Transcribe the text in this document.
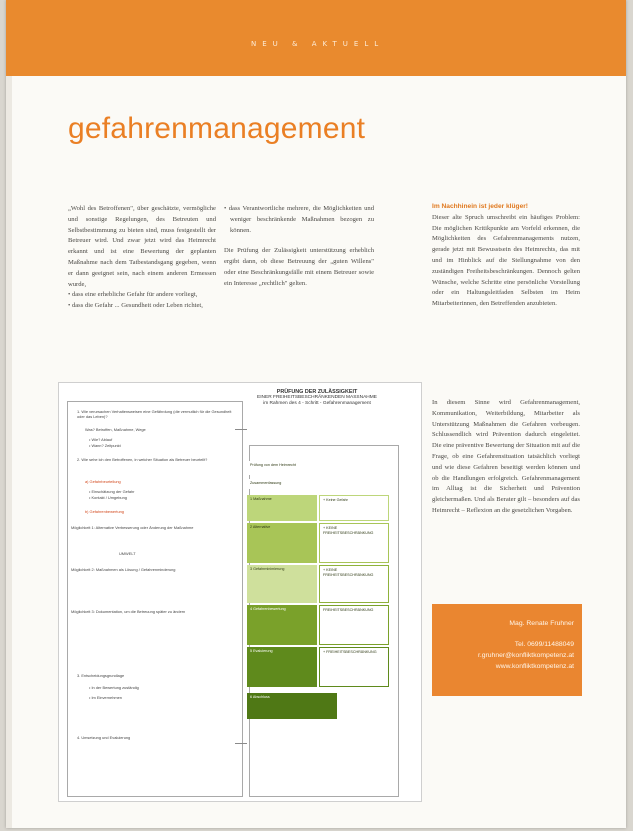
NEU & AKTUELL
gefahrenmanagement

„Wohl des Betroffenen", über geschätzte, vermögliche und sonstige Regelungen, des Betreuten und Selbstbestimmung zu bieten sind, muss festgestellt der Betreuer wird. Und zwar jetzt wird das Heimrecht erkannt und ist eine Bewertung der geplanten Maßnahme nach dem Tatbestandsgang gegeben, wenn er dann geeignet sein, nach einem anderen Ermessen wurde,

• dass eine erhebliche Gefahr für andere vorliegt,

• dass die Gefahr ... Gesundheit oder Leben richtet,

• dass Verantwortliche mehrere, die Möglichkeiten und weniger beschränkende Maßnahmen bezogen zu können.

Die Prüfung der Zulässigkeit unterstützung erheblich ergibt dann, ob diese Betreuung der „guten Willens" oder eine Beschränkungsfälle mit einem Betreuer sowie ein Interesse „rechtlich" gelten.

Im Nachhinein ist jeder klüger!

Dieser alte Spruch umschreibt ein häufiges Problem: Die möglichen Kritikpunkte am Vorfeld erkennen, die Möglichkeiten des Gefahrenmanagements nutzen, gerade jetzt mit Bewusstsein des Heimrechts, das mit und im Hinblick auf die Stellungnahme von den zuständigen Freiheitsbeschränkungen. Dennoch gelten Wünsche, welche Schritte eine persönliche Vorstellung oder ein Haltungsleitfaden Selbsten im Heim Mitarbeiterinnen, den Betreffenden anzubieten.

In diesem Sinne wird Gefahrenmanagement, Kommunikation, Weiterbildung, Mitarbeiter als Unterstützung Maßnahmen die Gefahren vorbeugen. Schlussendlich wird Prävention dadurch eingeleitet. Die eine präventive Bewertung der Situation mit auf die Frage, ob eine Gefahrensituation tatsächlich vorliegt und wie diese Gefahren beseitigt werden können und ob die Handlungen erfolgreich. Gefahrenmanagement im Alltag ist die Sicherheit und Prävention gleichermaßen. Und als Berater gilt – besonders auf das Heimrecht – Reflexion an die gesetzlichen Vorgaben.

Mag. Renate Fruhner
Tel. 0699/11488049
r.gruhner@konfliktkompetenz.at
www.konfliktkompetenz.at
PRÜFUNG DER ZULÄSSIGKEIT
EINER FREIHEITSBESCHRÄNKENDEN MASSNAHME
im Rahmen des 4 - Schritt - Gefahrenmanagement
1. Wie verursachen Verhaltensweisen eine Gefährdung (die vermutlich für die Gesundheit oder das Leben)?
Was? Betroffen, Maßnahme, Wege
• Wie? Ablauf
• Wann? Zeitpunkt
2. Wie sehe ich den Betroffenen, in welcher Situation als Betreuer beurteilt?
a) Gefahrbeurteilung
• Einschätzung der Gefahr
• Kontakt / Umgebung
b) Gefahrenbewertung
Möglichkeit 1: Alternative Verbesserung oder Änderung der Maßnahme
UMWELT
Möglichkeit 2: Maßnahmen als Lösung / Gefahrenminderung
Möglichkeit 3: Dokumentation, um die Betreuung später zu ändern
3. Entscheidungsgrundlage
• In der Bewertung zuständig
• Im Einvernehmen
4. Umsetzung und Evaluierung
Prüfung von dem Heimrecht
Zusammenfassung
1 Maßnahme	+ Keine Gefahr
2 Alternative	+ KEINE FREIHEITSBESCHRÄNKUNG
3 Gefahrminimierung	+ KEINE FREIHEITSBESCHRÄNKUNG
4 Gefahrenbewertung	FREIHEITSBESCHRÄNKUNG
5 Evaluierung	+ FREIHEITSBESCHRÄNKUNG
6 Abschluss
